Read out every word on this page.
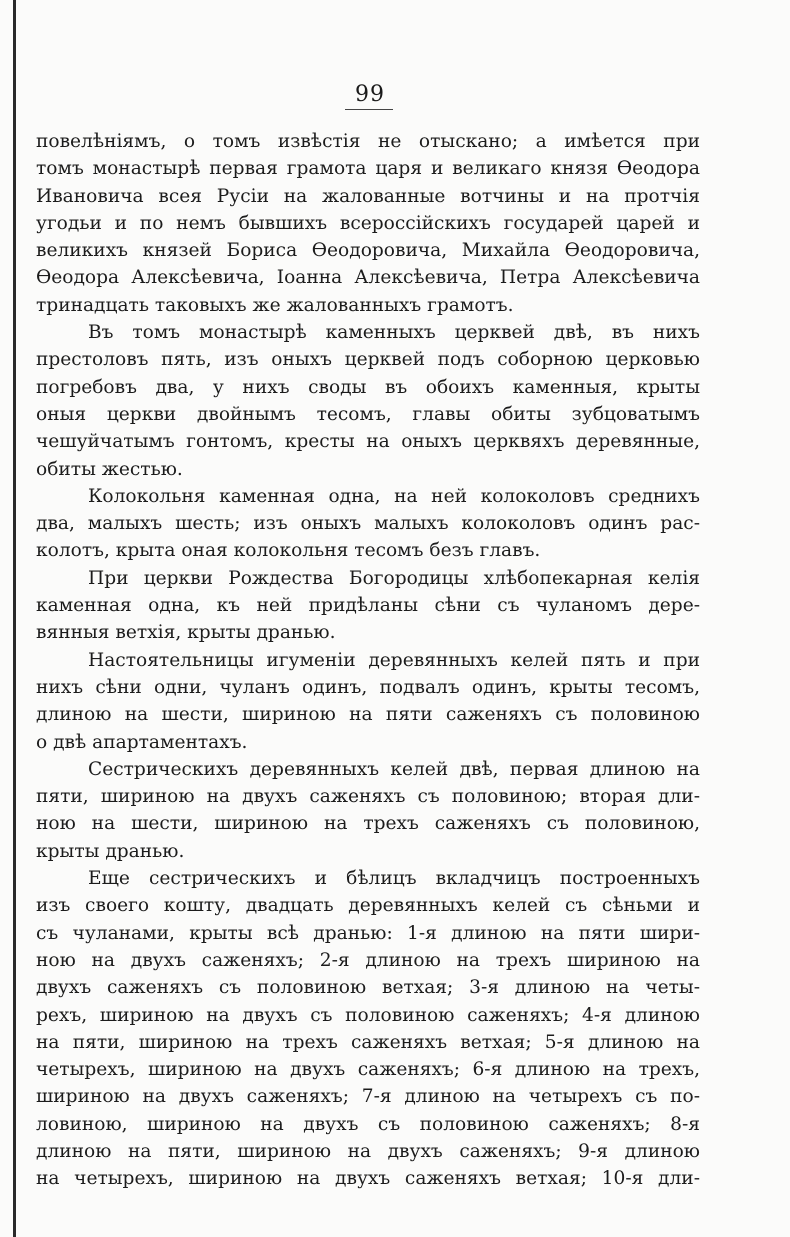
99
повелѣніямъ, о томъ извѣстія не отыскано; а имѣется при
томъ монастырѣ первая грамота царя и великаго князя Ѳеодора
Ивановича всея Русіи на жалованные вотчины и на протчія
угодьи и по немъ бывшихъ всероссійскихъ государей царей и
великихъ князей Бориса Ѳеодоровича, Михайла Ѳеодоровича,
Ѳеодора Алексѣевича, Іоанна Алексѣевича, Петра Алексѣевича
тринадцать таковыхъ же жалованныхъ грамотъ.
Въ томъ монастырѣ каменныхъ церквей двѣ, въ нихъ
престоловъ пять, изъ оныхъ церквей подъ соборною церковью
погребовъ два, у нихъ своды въ обоихъ каменныя, крыты
оныя церкви двойнымъ тесомъ, главы обиты зубцоватымъ
чешуйчатымъ гонтомъ, кресты на оныхъ церквяхъ деревянные,
обиты жестью.
Колокольня каменная одна, на ней колоколовъ среднихъ
два, малыхъ шесть; изъ оныхъ малыхъ колоколовъ одинъ рас-
колотъ, крыта оная колокольня тесомъ безъ главъ.
При церкви Рождества Богородицы хлѣбопекарная келія
каменная одна, къ ней придѣланы сѣни съ чуланомъ дере-
вянныя ветхія, крыты дранью.
Настоятельницы игуменіи деревянныхъ келей пять и при
нихъ сѣни одни, чуланъ одинъ, подвалъ одинъ, крыты тесомъ,
длиною на шести, шириною на пяти саженяхъ съ половиною
о двѣ апартаментахъ.
Сестрическихъ деревянныхъ келей двѣ, первая длиною на
пяти, шириною на двухъ саженяхъ съ половиною; вторая дли-
ною на шести, шириною на трехъ саженяхъ съ половиною,
крыты дранью.
Еще сестрическихъ и бѣлицъ вкладчицъ построенныхъ
изъ своего кошту, двадцать деревянныхъ келей съ сѣньми и
съ чуланами, крыты всѣ дранью: 1-я длиною на пяти шири-
ною на двухъ саженяхъ; 2-я длиною на трехъ шириною на
двухъ саженяхъ съ половиною ветхая; 3-я длиною на четы-
рехъ, шириною на двухъ съ половиною саженяхъ; 4-я длиною
на пяти, шириною на трехъ саженяхъ ветхая; 5-я длиною на
четырехъ, шириною на двухъ саженяхъ; 6-я длиною на трехъ,
шириною на двухъ саженяхъ; 7-я длиною на четырехъ съ по-
ловиною, шириною на двухъ съ половиною саженяхъ; 8-я
длиною на пяти, шириною на двухъ саженяхъ; 9-я длиною
на четырехъ, шириною на двухъ саженяхъ ветхая; 10-я дли-
